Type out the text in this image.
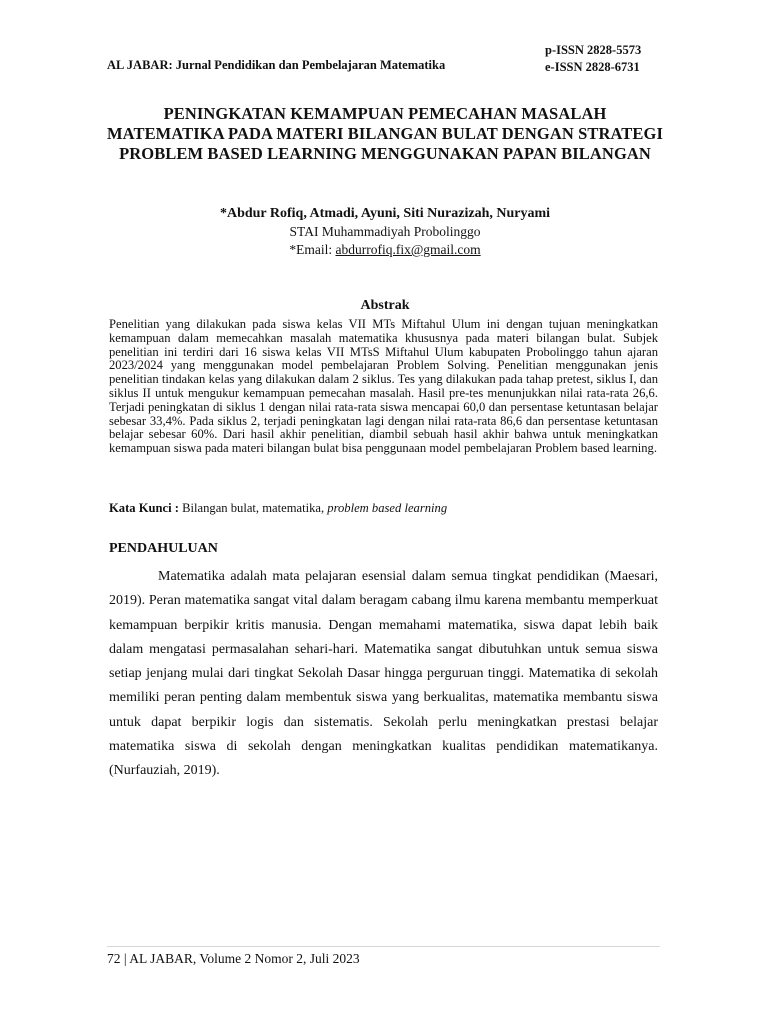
AL JABAR: Jurnal Pendidikan dan Pembelajaran Matematika
p-ISSN 2828-5573
e-ISSN 2828-6731
PENINGKATAN KEMAMPUAN PEMECAHAN MASALAH MATEMATIKA PADA MATERI BILANGAN BULAT DENGAN STRATEGI PROBLEM BASED LEARNING MENGGUNAKAN PAPAN BILANGAN
*Abdur Rofiq, Atmadi, Ayuni, Siti Nurazizah, Nuryami
STAI Muhammadiyah Probolinggo
*Email: abdurrofiq.fix@gmail.com
Abstrak
Penelitian yang dilakukan pada siswa kelas VII MTs Miftahul Ulum ini dengan tujuan meningkatkan kemampuan dalam memecahkan masalah matematika khususnya pada materi bilangan bulat. Subjek penelitian ini terdiri dari 16 siswa kelas VII MTsS Miftahul Ulum kabupaten Probolinggo tahun ajaran 2023/2024 yang menggunakan model pembelajaran Problem Solving. Penelitian menggunakan jenis penelitian tindakan kelas yang dilakukan dalam 2 siklus. Tes yang dilakukan pada tahap pretest, siklus I, dan siklus II untuk mengukur kemampuan pemecahan masalah. Hasil pre-tes menunjukkan nilai rata-rata 26,6. Terjadi peningkatan di siklus 1 dengan nilai rata-rata siswa mencapai 60,0 dan persentase ketuntasan belajar sebesar 33,4%. Pada siklus 2, terjadi peningkatan lagi dengan nilai rata-rata 86,6 dan persentase ketuntasan belajar sebesar 60%. Dari hasil akhir penelitian, diambil sebuah hasil akhir bahwa untuk meningkatkan kemampuan siswa pada materi bilangan bulat bisa penggunaan model pembelajaran Problem based learning.
Kata Kunci : Bilangan bulat, matematika, problem based learning
PENDAHULUAN
Matematika adalah mata pelajaran esensial dalam semua tingkat pendidikan (Maesari, 2019). Peran matematika sangat vital dalam beragam cabang ilmu karena membantu memperkuat kemampuan berpikir kritis manusia. Dengan memahami matematika, siswa dapat lebih baik dalam mengatasi permasalahan sehari-hari. Matematika sangat dibutuhkan untuk semua siswa setiap jenjang mulai dari tingkat Sekolah Dasar hingga perguruan tinggi. Matematika di sekolah memiliki peran penting dalam membentuk siswa yang berkualitas, matematika membantu siswa untuk dapat berpikir logis dan sistematis. Sekolah perlu meningkatkan prestasi belajar matematika siswa di sekolah dengan meningkatkan kualitas pendidikan matematikanya. (Nurfauziah, 2019).
72 | AL JABAR, Volume 2 Nomor 2, Juli 2023
